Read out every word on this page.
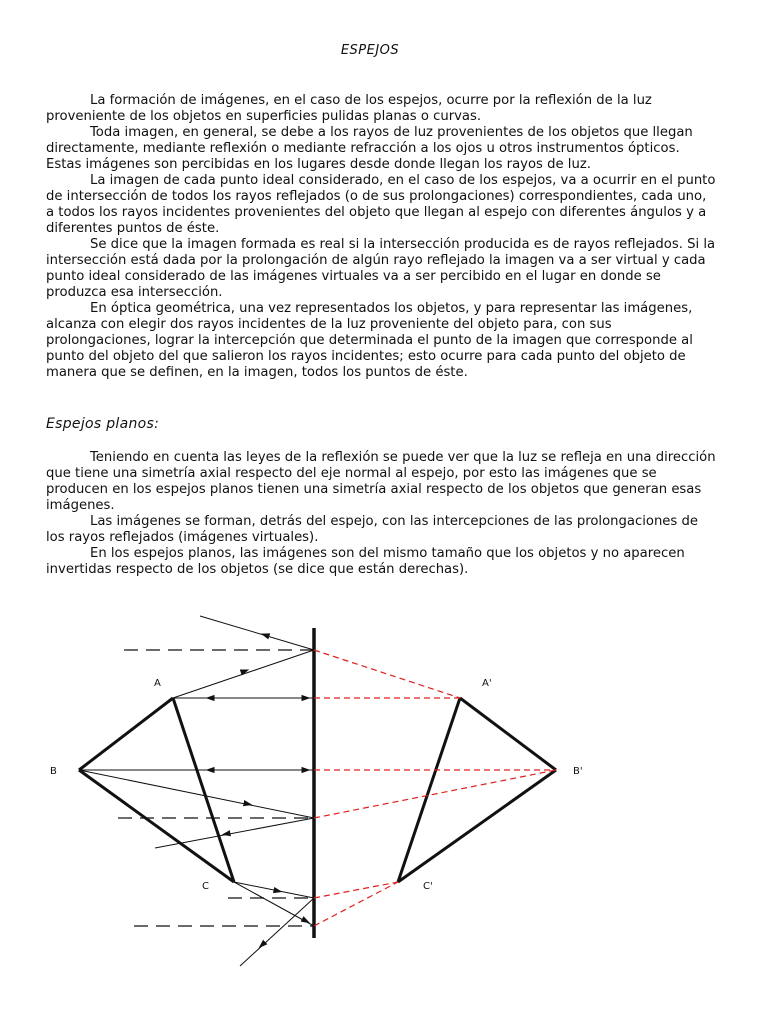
ESPEJOS

La formación de imágenes, en el caso de los espejos, ocurre por la reflexión de la luz proveniente de los objetos en superficies pulidas planas o curvas.

Toda imagen, en general, se debe a los rayos de luz provenientes de los objetos que llegan directamente, mediante reflexión o mediante refracción a los ojos u otros instrumentos ópticos. Estas imágenes son percibidas en los lugares desde donde llegan los rayos de luz.

La imagen de cada punto ideal considerado, en el caso de los espejos, va a ocurrir en el punto de intersección de todos los rayos reflejados (o de sus prolongaciones) correspondientes, cada uno, a todos los rayos incidentes provenientes del objeto que llegan al espejo con diferentes ángulos y a diferentes puntos de éste.

Se dice que la imagen formada es real si la intersección producida es de rayos reflejados. Si la intersección está dada por la prolongación de algún rayo reflejado la imagen va a ser virtual y cada punto ideal considerado de las imágenes virtuales va a ser percibido en el lugar en donde se produzca esa intersección.

En óptica geométrica, una vez representados los objetos, y para representar las imágenes, alcanza con elegir dos rayos incidentes de la luz proveniente del objeto para, con sus prolongaciones, lograr la intercepción que determinada el punto de la imagen que corresponde al punto del objeto del que salieron los rayos incidentes; esto ocurre para cada punto del objeto de manera que se definen, en la imagen, todos los puntos de éste.

Espejos planos:

Teniendo en cuenta las leyes de la reflexión se puede ver que la luz se refleja en una dirección que tiene una simetría axial respecto del eje normal al espejo, por esto las imágenes que se producen en los espejos planos tienen una simetría axial respecto de los objetos que generan esas imágenes.

Las imágenes se forman, detrás del espejo, con las intercepciones de las prolongaciones de los rayos reflejados (imágenes virtuales).

En los espejos planos, las imágenes son del mismo tamaño que los objetos y no aparecen invertidas respecto de los objetos (se dice que están derechas).

A
B
C
A'
B'
C'
